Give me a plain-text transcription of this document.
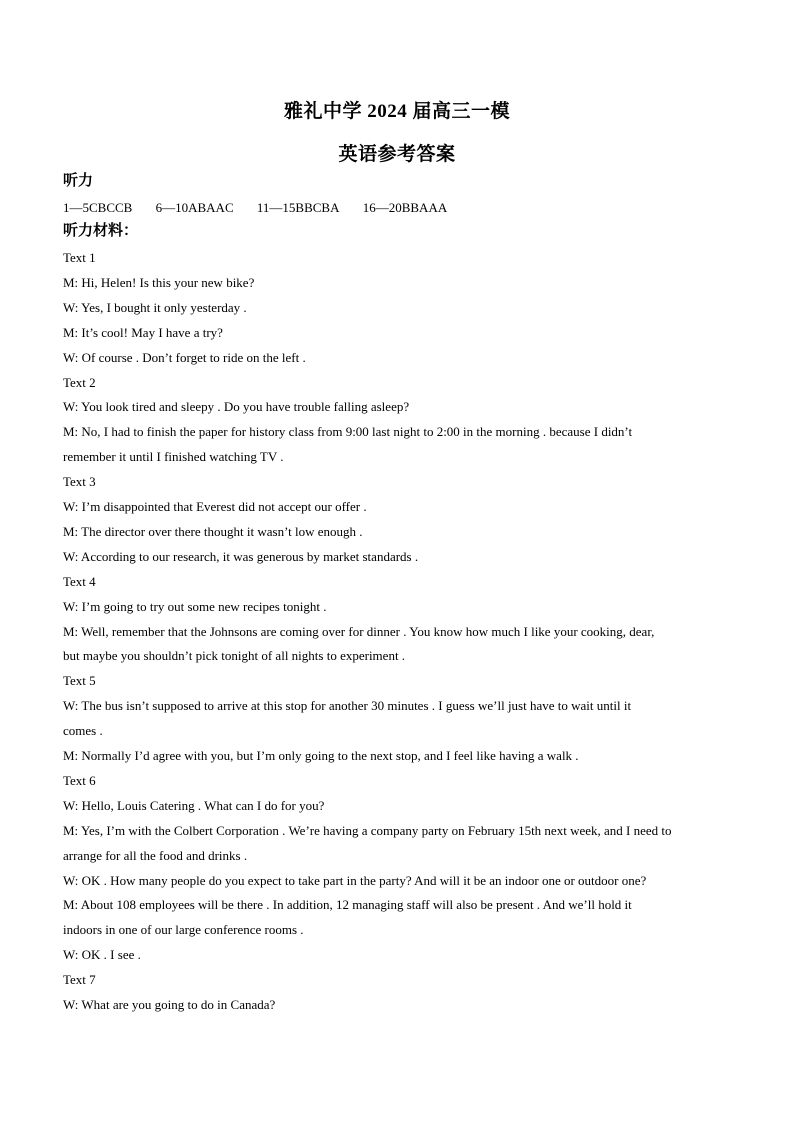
雅礼中学 2024 届高三一模
英语参考答案
听力
1—5CBCCB 6—10ABAAC 11—15BBCBA 16—20BBAAA
听力材料：
Text 1
M: Hi, Helen! Is this your new bike?
W: Yes, I bought it only yesterday .
M: It’s cool! May I have a try?
W: Of course . Don’t forget to ride on the left .
Text 2
W: You look tired and sleepy . Do you have trouble falling asleep?
M: No, I had to finish the paper for history class from 9:00 last night to 2:00 in the morning . because I didn’t
remember it until I finished watching TV .
Text 3
W: I’m disappointed that Everest did not accept our offer .
M: The director over there thought it wasn’t low enough .
W: According to our research, it was generous by market standards .
Text 4
W: I’m going to try out some new recipes tonight .
M: Well, remember that the Johnsons are coming over for dinner . You know how much I like your cooking, dear,
but maybe you shouldn’t pick tonight of all nights to experiment .
Text 5
W: The bus isn’t supposed to arrive at this stop for another 30 minutes . I guess we’ll just have to wait until it
comes .
M: Normally I’d agree with you, but I’m only going to the next stop, and I feel like having a walk .
Text 6
W: Hello, Louis Catering . What can I do for you?
M: Yes, I’m with the Colbert Corporation . We’re having a company party on February 15th next week, and I need to
arrange for all the food and drinks .
W: OK . How many people do you expect to take part in the party? And will it be an indoor one or outdoor one?
M: About 108 employees will be there . In addition, 12 managing staff will also be present . And we’ll hold it
indoors in one of our large conference rooms .
W: OK . I see .
Text 7
W: What are you going to do in Canada?
